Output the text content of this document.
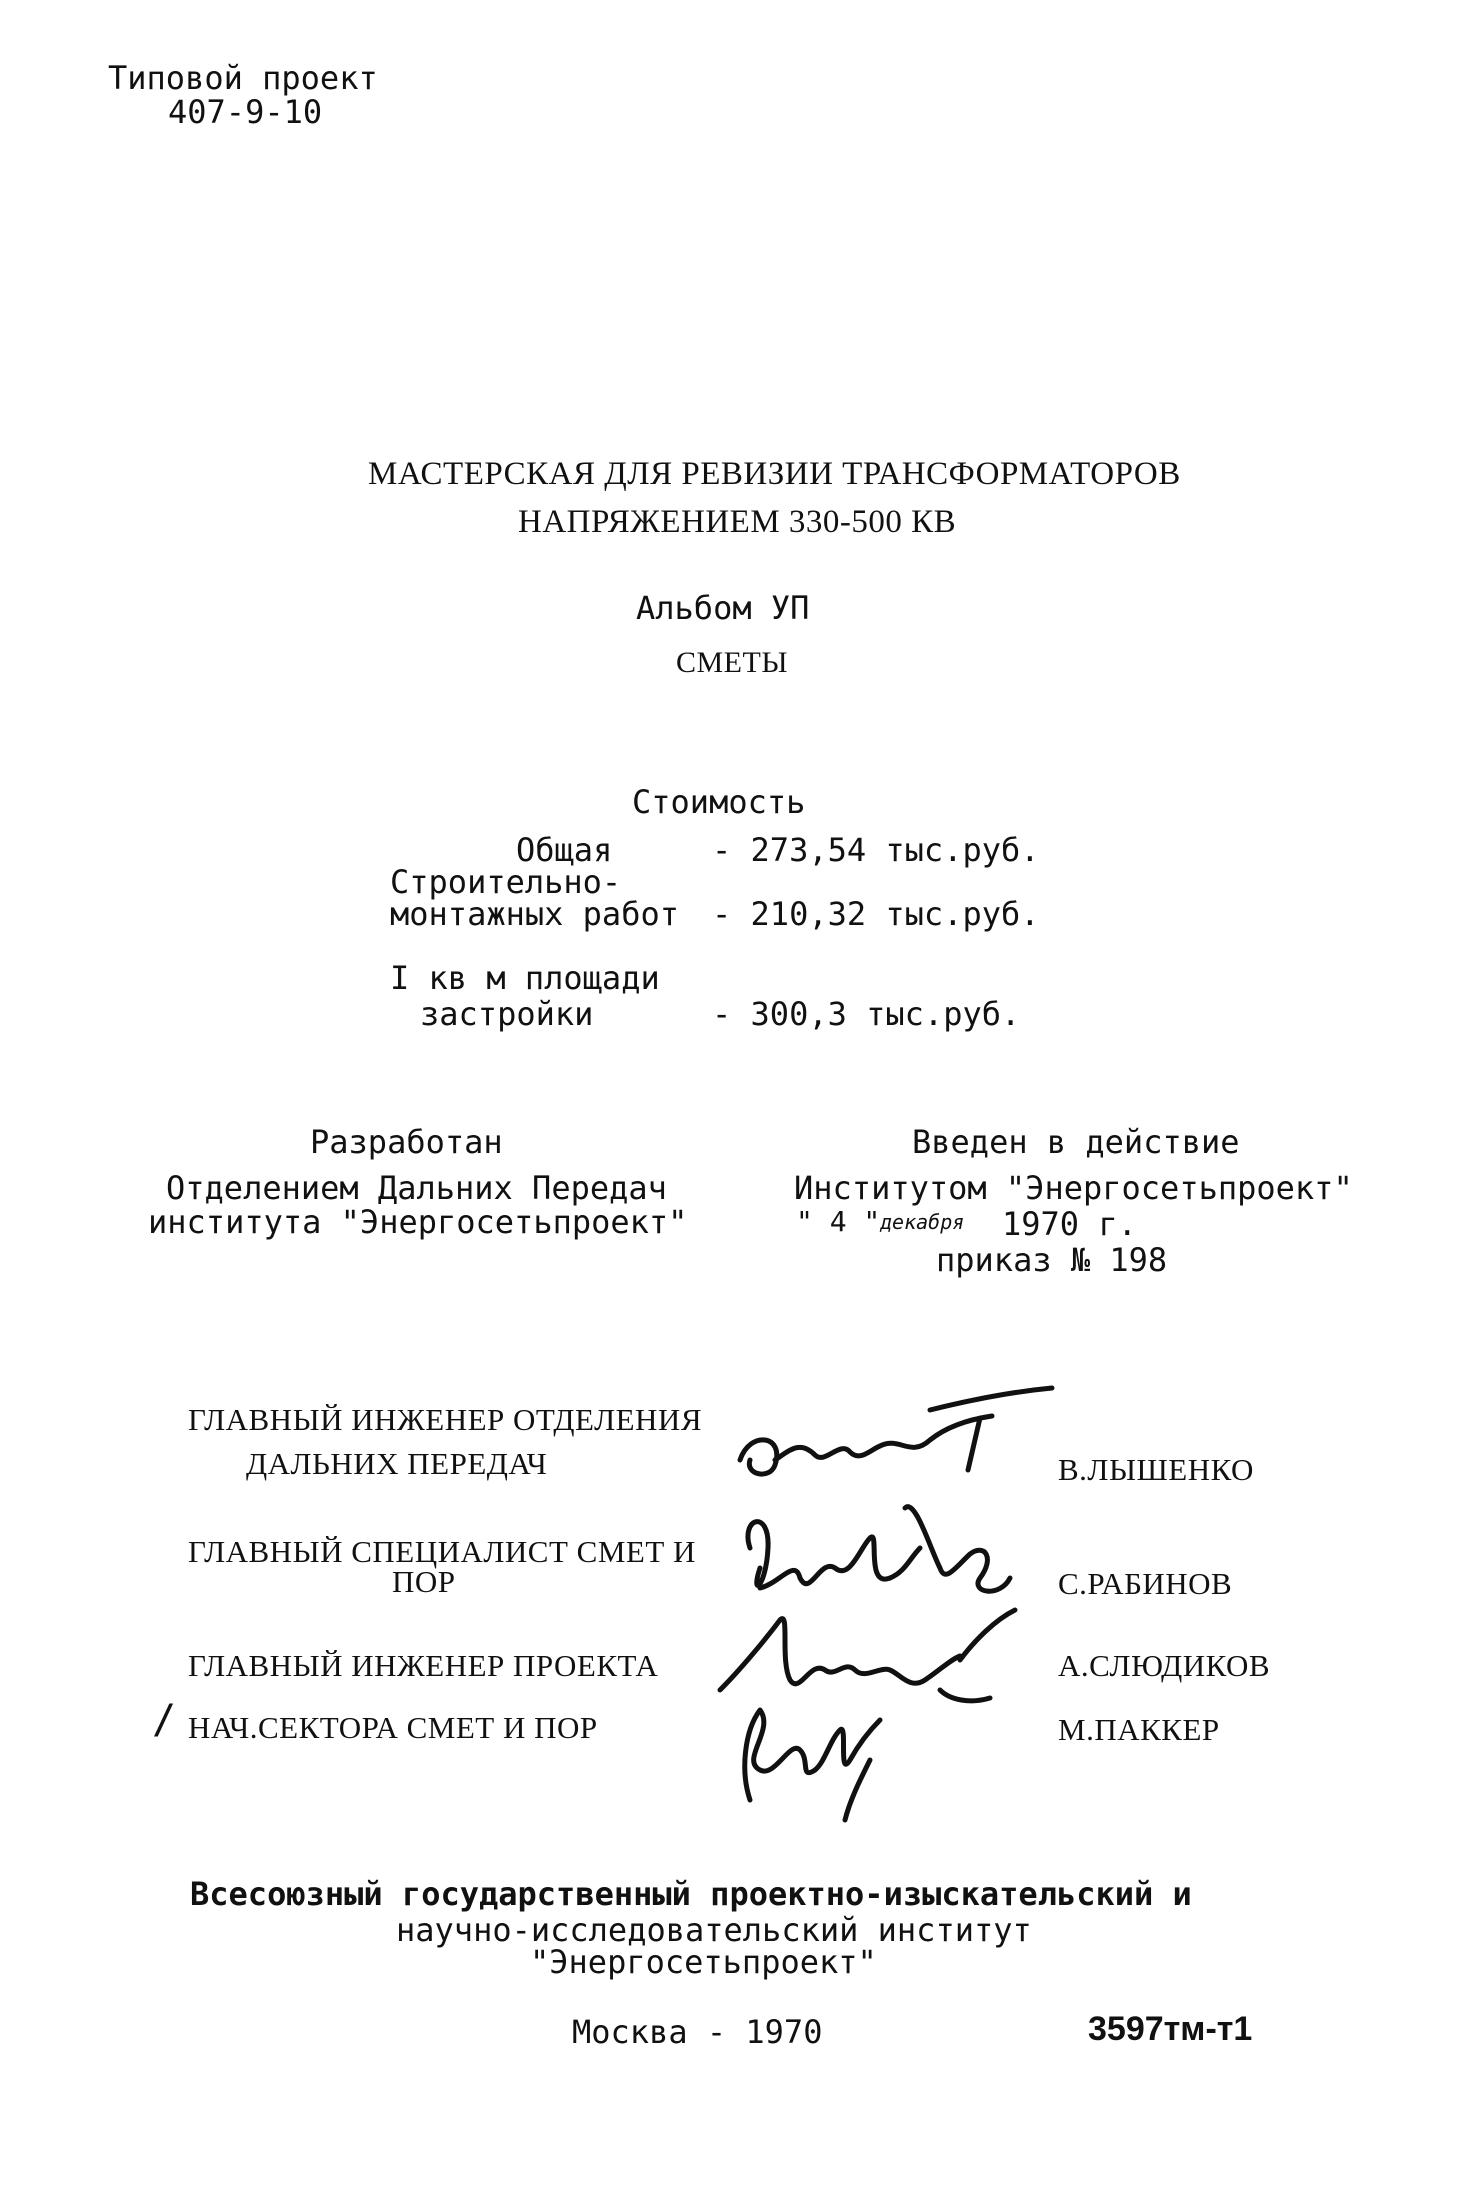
Типовой проект
407-9-10
МАСТЕРСКАЯ ДЛЯ РЕВИЗИИ ТРАНСФОРМАТОРОВ
НАПРЯЖЕНИЕМ 330-500 КВ
Альбом УП
СМЕТЫ
Стоимость
Общая	- 273,54 тыс.руб.
Строительно-
монтажных работ - 210,32 тыс.руб.
I кв м площади
застройки	- 300,3 тыс.руб.
Разработан
Отделением Дальних Передач
института "Энергосетьпроект"
Введен в действие
Институтом "Энергосетьпроект"
" 4 " декабря 1970 г.
приказ № 198
ГЛАВНЫЙ ИНЖЕНЕР ОТДЕЛЕНИЯ
ДАЛЬНИХ ПЕРЕДАЧ	В.ЛЫШЕНКО
ГЛАВНЫЙ СПЕЦИАЛИСТ СМЕТ И
ПОР	С.РАБИНОВ
ГЛАВНЫЙ ИНЖЕНЕР ПРОЕКТА	А.СЛЮДИКОВ
/ НАЧ.СЕКТОРА СМЕТ И ПОР	М.ПАККЕР
Всесоюзный государственный проектно-изыскательский и
научно-исследовательский институт
"Энергосетьпроект"
Москва - 1970	3597тм-т1
